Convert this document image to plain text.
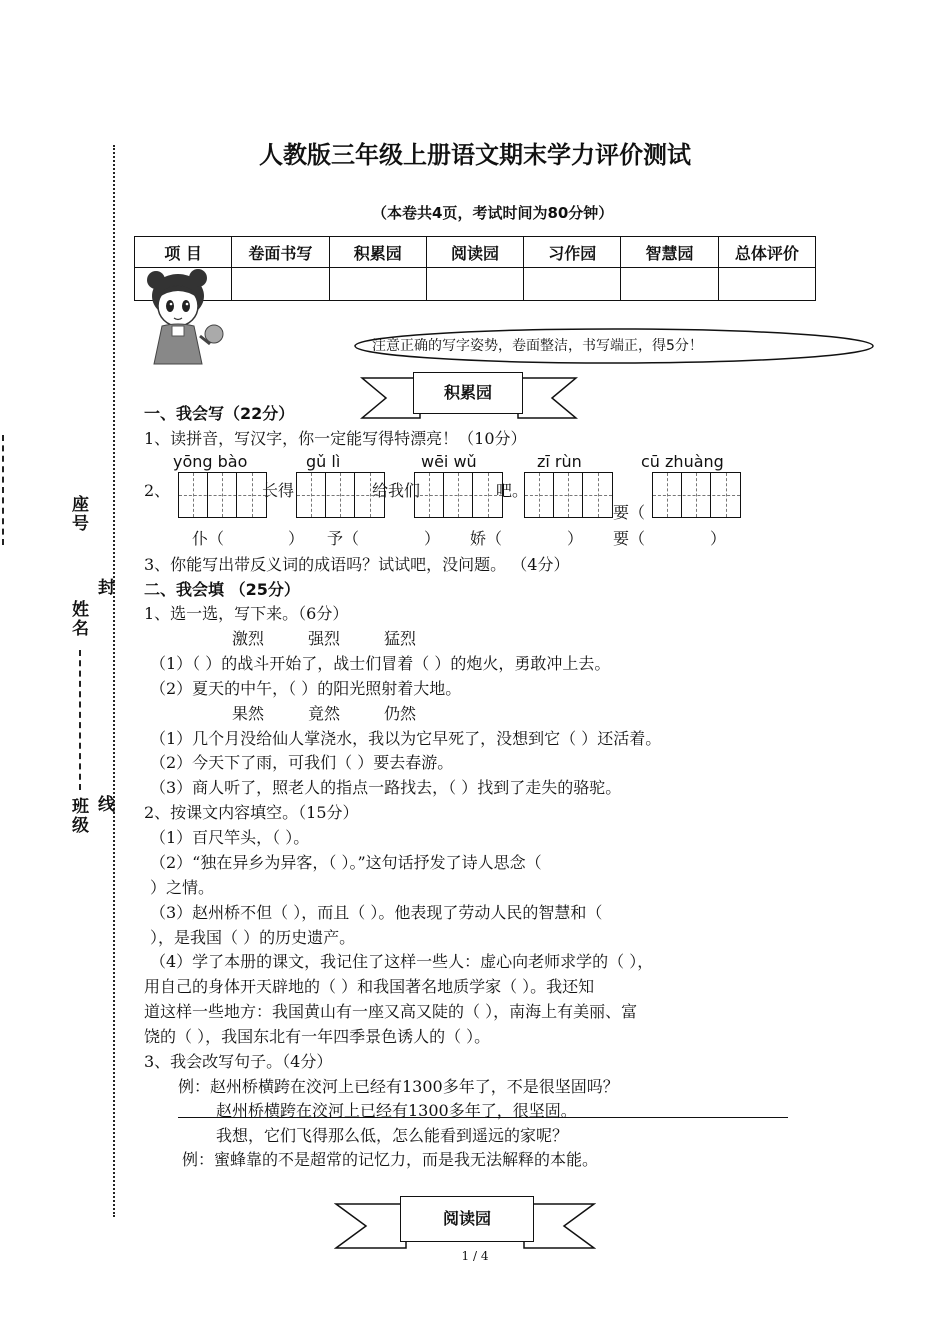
座号
姓名
班级
封
线
人教版三年级上册语文期末学力评价测试
（本卷共4页，考试时间为80分钟）
项 目	卷面书写	积累园	阅读园	习作园	智慧园	总体评价

注意正确的写字姿势，卷面整洁，书写端正，得5分！
积累园
一、我会写（22分）
1、读拼音，写汉字，你一定能写得特漂亮！（10分）
yōng bào	gǔ lì	wēi wǔ	zī rùn	cū zhuàng
2、	长得	给我们	吧。
要（
仆（	） 予（	） 娇（	） 要（	）
3、你能写出带反义词的成语吗？试试吧，没问题。 （4分）
二、我会填 （25分）
1、选一选，写下来。（6分）
激烈	强烈	猛烈
（1）（ ）的战斗开始了，战士们冒着（ ）的炮火，勇敢冲上去。
（2）夏天的中午，（ ）的阳光照射着大地。
果然	竟然	仍然
（1）几个月没给仙人掌浇水，我以为它早死了，没想到它（ ）还活着。
（2）今天下了雨，可我们（ ）要去春游。
（3）商人听了，照老人的指点一路找去，（ ）找到了走失的骆驼。
2、按课文内容填空。（15分）
（1）百尺竿头，（ ）。
（2）“独在异乡为异客，（ ）。”这句话抒发了诗人思念（
）之情。
（3）赵州桥不但（ ），而且（ ）。他表现了劳动人民的智慧和（
），是我国（ ）的历史遗产。
（4）学了本册的课文，我记住了这样一些人：虚心向老师求学的（ ），
用自己的身体开天辟地的（ ）和我国著名地质学家（ ）。我还知
道这样一些地方：我国黄山有一座又高又陡的（ ），南海上有美丽、富
饶的（ ），我国东北有一年四季景色诱人的（ ）。
3、我会改写句子。（4分）
例：赵州桥横跨在洨河上已经有1300多年了，不是很坚固吗？
赵州桥横跨在洨河上已经有1300多年了，很坚固。
我想，它们飞得那么低，怎么能看到遥远的家呢？
例：蜜蜂靠的不是超常的记忆力，而是我无法解释的本能。
阅读园
1 / 4
